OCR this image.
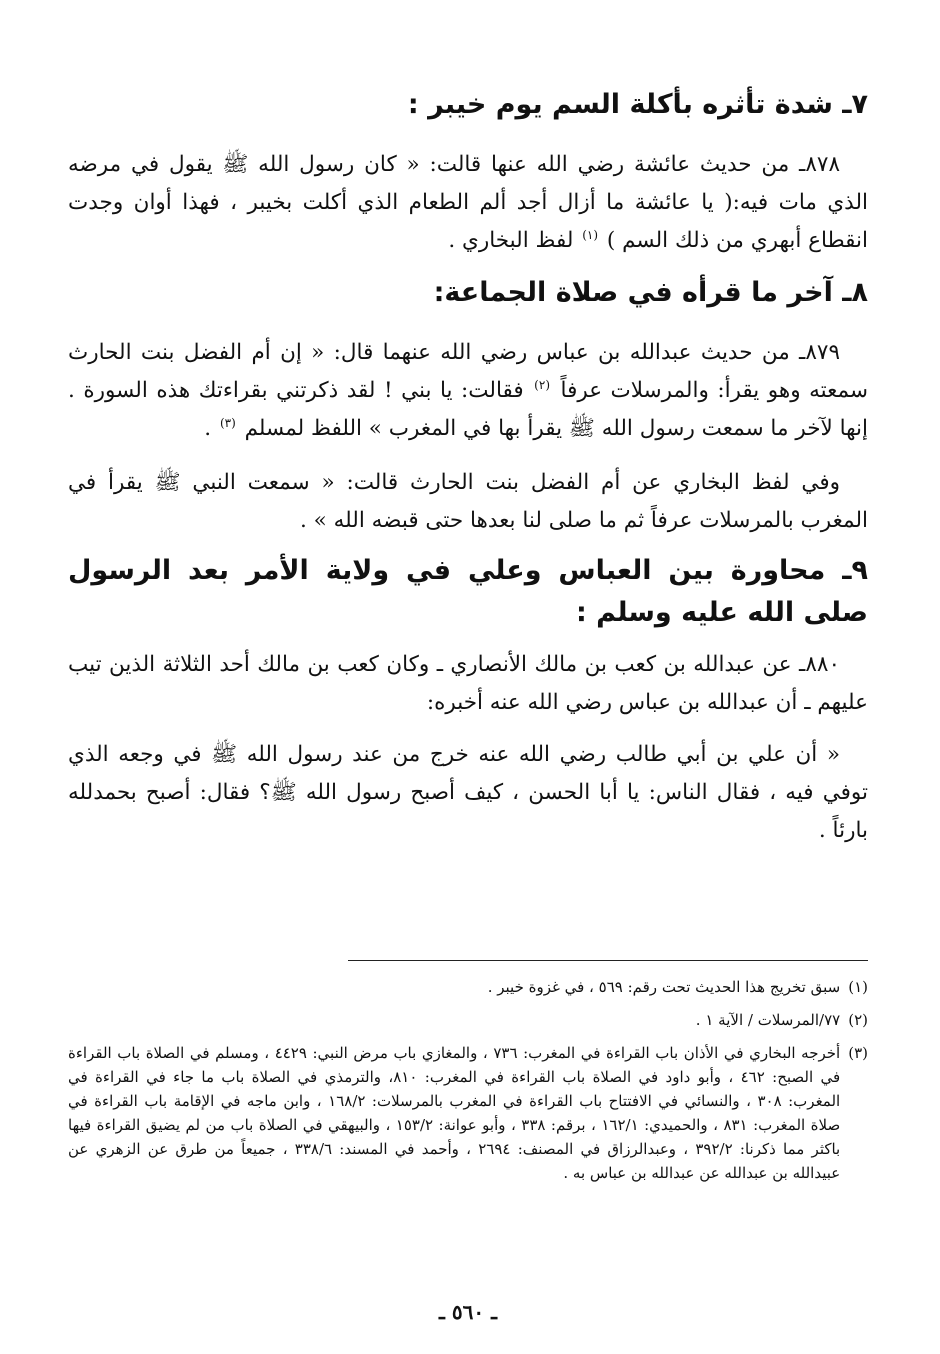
٧ـ شدة تأثره بأكلة السم يوم خيبر :

٨٧٨ـ من حديث عائشة رضي الله عنها قالت: « كان رسول الله ﷺ يقول في مرضه الذي مات فيه:( يا عائشة ما أزال أجد ألم الطعام الذي أكلت بخيبر ، فهذا أوان وجدت انقطاع أبهري من ذلك السم ) $^{(١)}$ لفظ البخاري .

٨ـ آخر ما قرأه في صلاة الجماعة:

٨٧٩ـ من حديث عبدالله بن عباس رضي الله عنهما قال: « إن أم الفضل بنت الحارث سمعته وهو يقرأ: والمرسلات عرفاً $^{(٢)}$ فقالت: يا بني ! لقد ذكرتني بقراءتك هذه السورة . إنها لآخر ما سمعت رسول الله ﷺ يقرأ بها في المغرب » اللفظ لمسلم $^{(٣)}$ .

وفي لفظ البخاري عن أم الفضل بنت الحارث قالت: « سمعت النبي ﷺ يقرأ في المغرب بالمرسلات عرفاً ثم ما صلى لنا بعدها حتى قبضه الله » .

٩ـ محاورة بين العباس وعلي في ولاية الأمر بعد الرسول صلى الله عليه وسلم :

٨٨٠ـ عن عبدالله بن كعب بن مالك الأنصاري ـ وكان كعب بن مالك أحد الثلاثة الذين تيب عليهم ـ أن عبدالله بن عباس رضي الله عنه أخبره:

« أن علي بن أبي طالب رضي الله عنه خرج من عند رسول الله ﷺ في وجعه الذي توفي فيه ، فقال الناس: يا أبا الحسن ، كيف أصبح رسول الله ﷺ؟ فقال: أصبح بحمدلله بارئاً .

(١)
سبق تخريج هذا الحديث تحت رقم: ٥٦٩ ، في غزوة خيبر .
(٢)
٧٧/المرسلات / الآية ١ .
(٣)
أخرجه البخاري في الأذان باب القراءة في المغرب: ٧٣٦ ، والمغازي باب مرض النبي: ٤٤٢٩ ، ومسلم في الصلاة باب القراءة في الصبح: ٤٦٢ ، وأبو داود في الصلاة باب القراءة في المغرب: ٨١٠، والترمذي في الصلاة باب ما جاء في القراءة في المغرب: ٣٠٨ ، والنسائي في الافتتاح باب القراءة في المغرب بالمرسلات: ١٦٨/٢ ، وابن ماجه في الإقامة باب القراءة في صلاة المغرب: ٨٣١ ، والحميدي: ١٦٢/١ ، برقم: ٣٣٨ ، وأبو عوانة: ١٥٣/٢ ، والبيهقي في الصلاة باب من لم يضيق القراءة فيها باكثر مما ذكرنا: ٣٩٢/٢ ، وعبدالرزاق في المصنف: ٢٦٩٤ ، وأحمد في المسند: ٣٣٨/٦ ، جميعاً من طرق عن الزهري عن عبيدالله بن عبدالله عن عبدالله بن عباس به .
ـ ٥٦٠ ـ
